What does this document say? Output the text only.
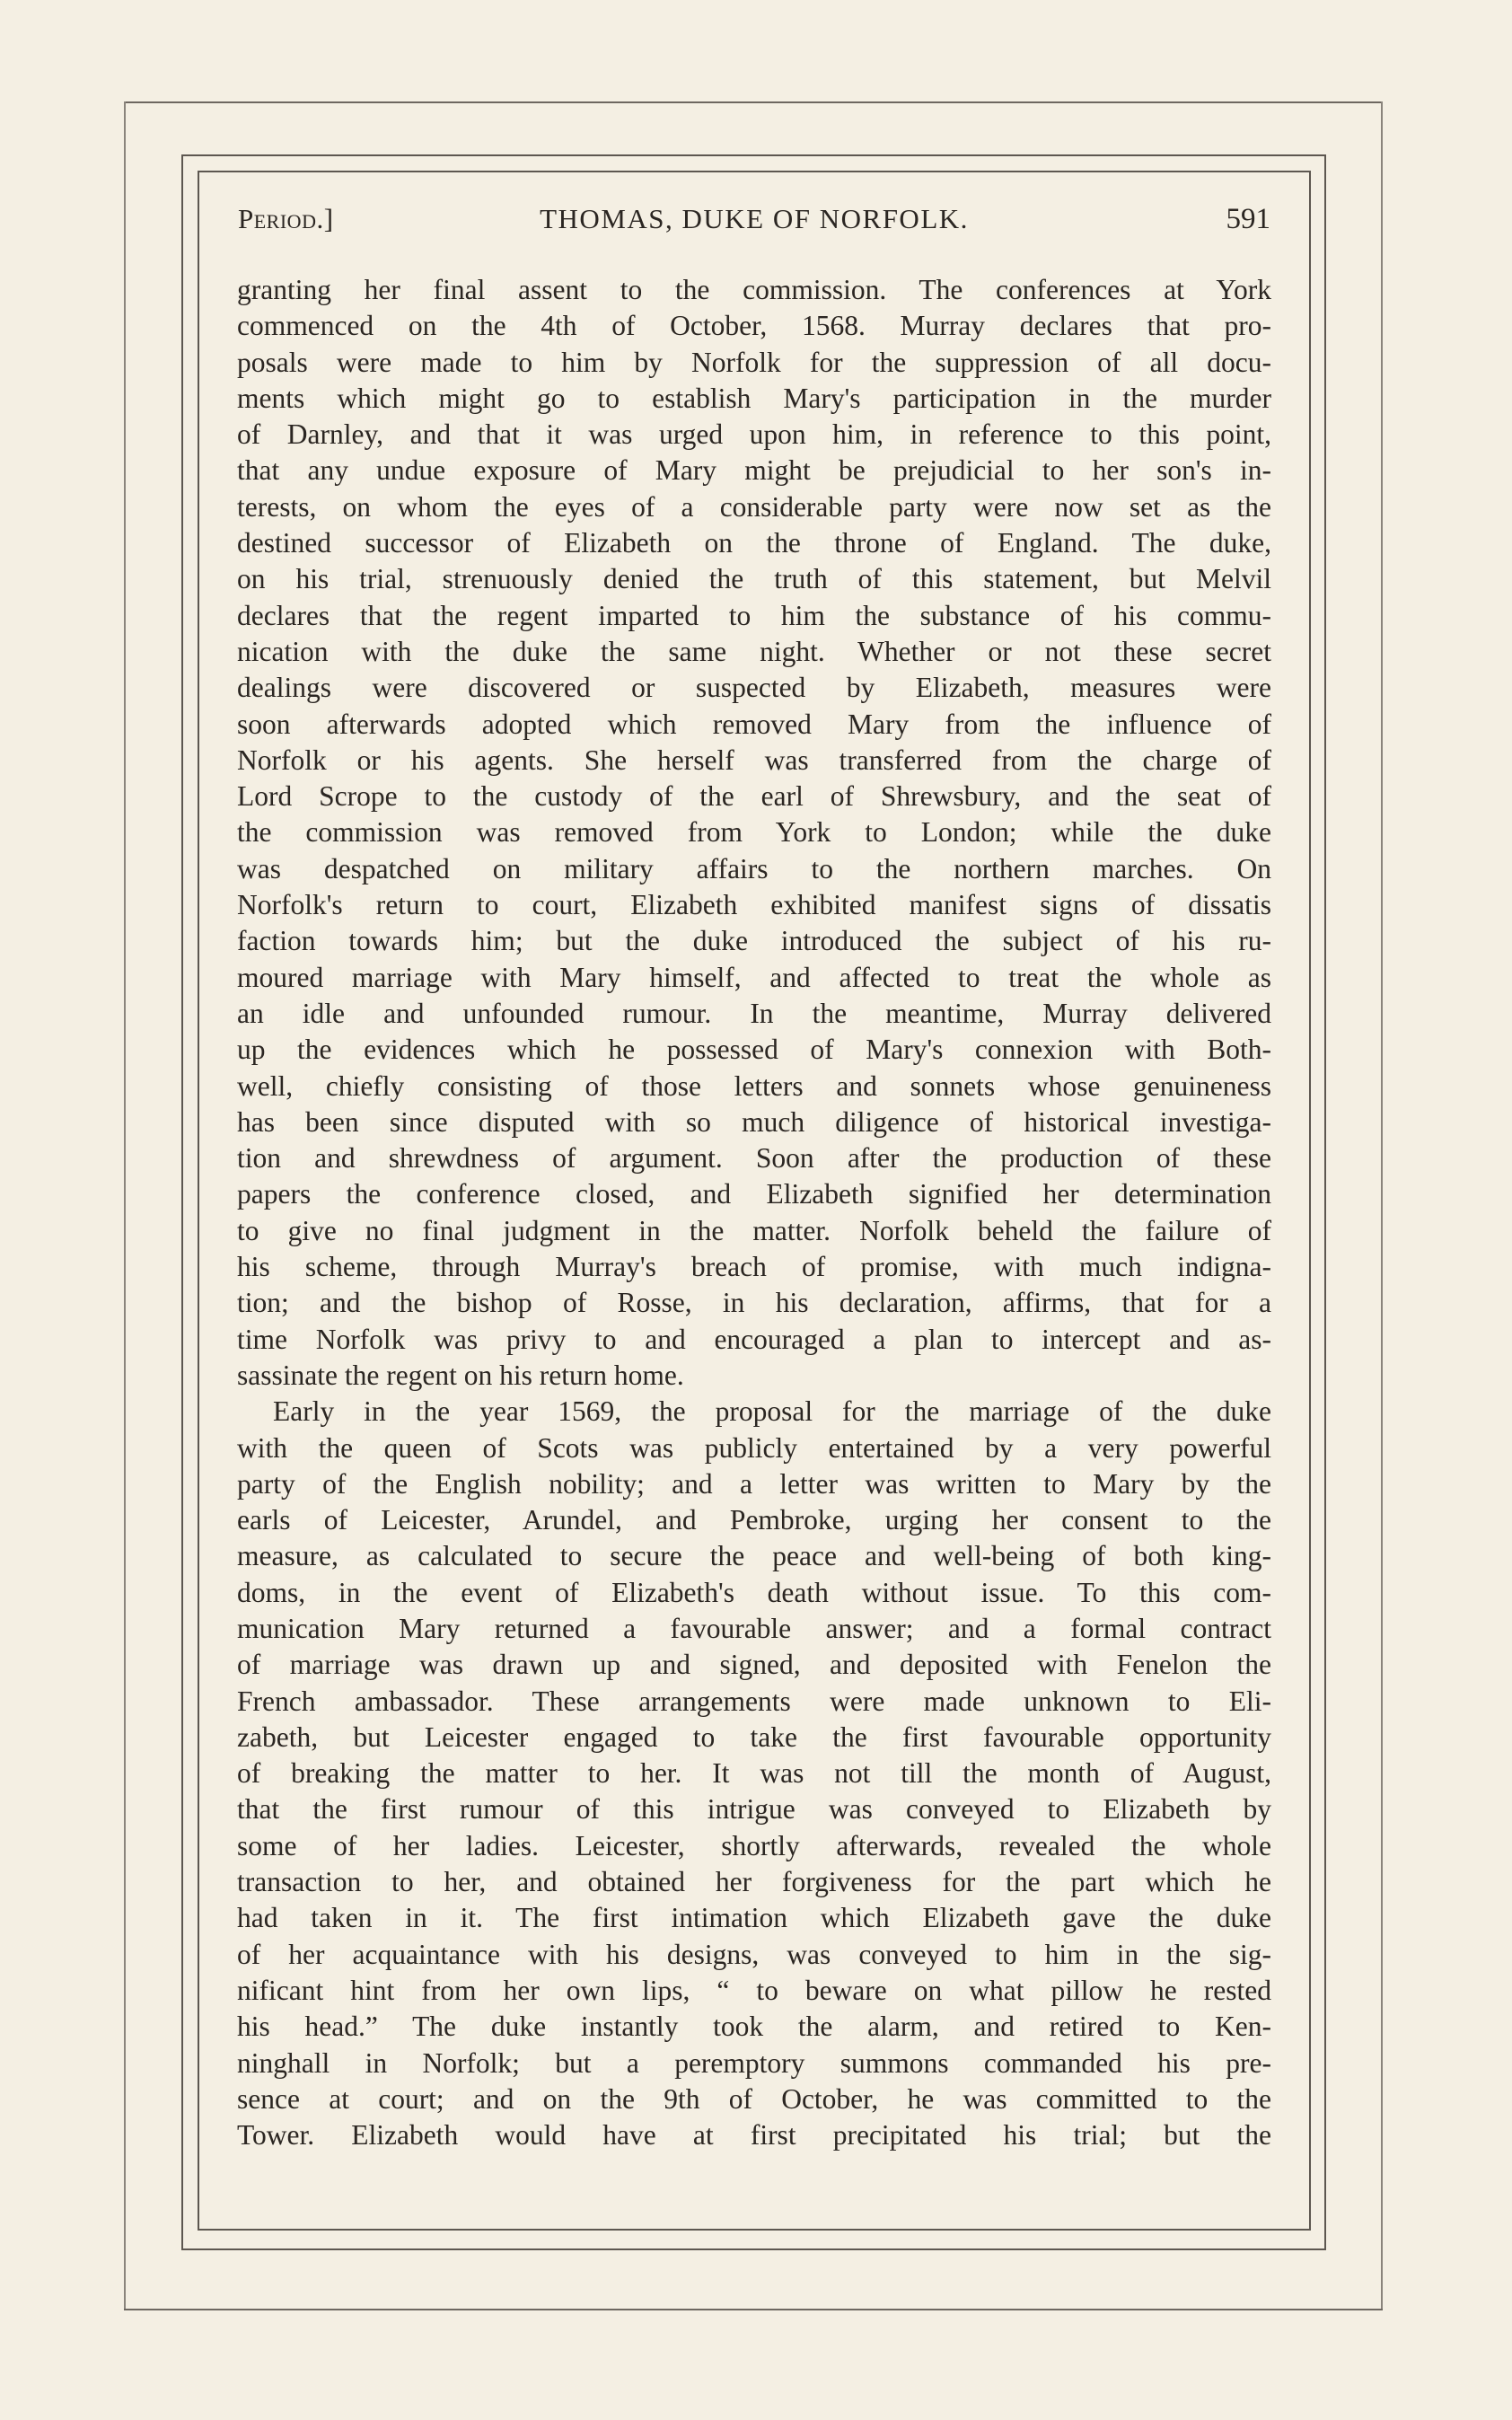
Period.]	THOMAS, DUKE OF NORFOLK.	591
granting her final assent to the commission. The conferences at York
commenced on the 4th of October, 1568. Murray declares that pro-
posals were made to him by Norfolk for the suppression of all docu-
ments which might go to establish Mary's participation in the murder
of Darnley, and that it was urged upon him, in reference to this point,
that any undue exposure of Mary might be prejudicial to her son's in-
terests, on whom the eyes of a considerable party were now set as the
destined successor of Elizabeth on the throne of England. The duke,
on his trial, strenuously denied the truth of this statement, but Melvil
declares that the regent imparted to him the substance of his commu-
nication with the duke the same night. Whether or not these secret
dealings were discovered or suspected by Elizabeth, measures were
soon afterwards adopted which removed Mary from the influence of
Norfolk or his agents. She herself was transferred from the charge of
Lord Scrope to the custody of the earl of Shrewsbury, and the seat of
the commission was removed from York to London; while the duke
was despatched on military affairs to the northern marches. On
Norfolk's return to court, Elizabeth exhibited manifest signs of dissatis
faction towards him; but the duke introduced the subject of his ru-
moured marriage with Mary himself, and affected to treat the whole as
an idle and unfounded rumour. In the meantime, Murray delivered
up the evidences which he possessed of Mary's connexion with Both-
well, chiefly consisting of those letters and sonnets whose genuineness
has been since disputed with so much diligence of historical investiga-
tion and shrewdness of argument. Soon after the production of these
papers the conference closed, and Elizabeth signified her determination
to give no final judgment in the matter. Norfolk beheld the failure of
his scheme, through Murray's breach of promise, with much indigna-
tion; and the bishop of Rosse, in his declaration, affirms, that for a
time Norfolk was privy to and encouraged a plan to intercept and as-
sassinate the regent on his return home.
Early in the year 1569, the proposal for the marriage of the duke
with the queen of Scots was publicly entertained by a very powerful
party of the English nobility; and a letter was written to Mary by the
earls of Leicester, Arundel, and Pembroke, urging her consent to the
measure, as calculated to secure the peace and well-being of both king-
doms, in the event of Elizabeth's death without issue. To this com-
munication Mary returned a favourable answer; and a formal contract
of marriage was drawn up and signed, and deposited with Fenelon the
French ambassador. These arrangements were made unknown to Eli-
zabeth, but Leicester engaged to take the first favourable opportunity
of breaking the matter to her. It was not till the month of August,
that the first rumour of this intrigue was conveyed to Elizabeth by
some of her ladies. Leicester, shortly afterwards, revealed the whole
transaction to her, and obtained her forgiveness for the part which he
had taken in it. The first intimation which Elizabeth gave the duke
of her acquaintance with his designs, was conveyed to him in the sig-
nificant hint from her own lips, “ to beware on what pillow he rested
his head.” The duke instantly took the alarm, and retired to Ken-
ninghall in Norfolk; but a peremptory summons commanded his pre-
sence at court; and on the 9th of October, he was committed to the
Tower. Elizabeth would have at first precipitated his trial; but the
